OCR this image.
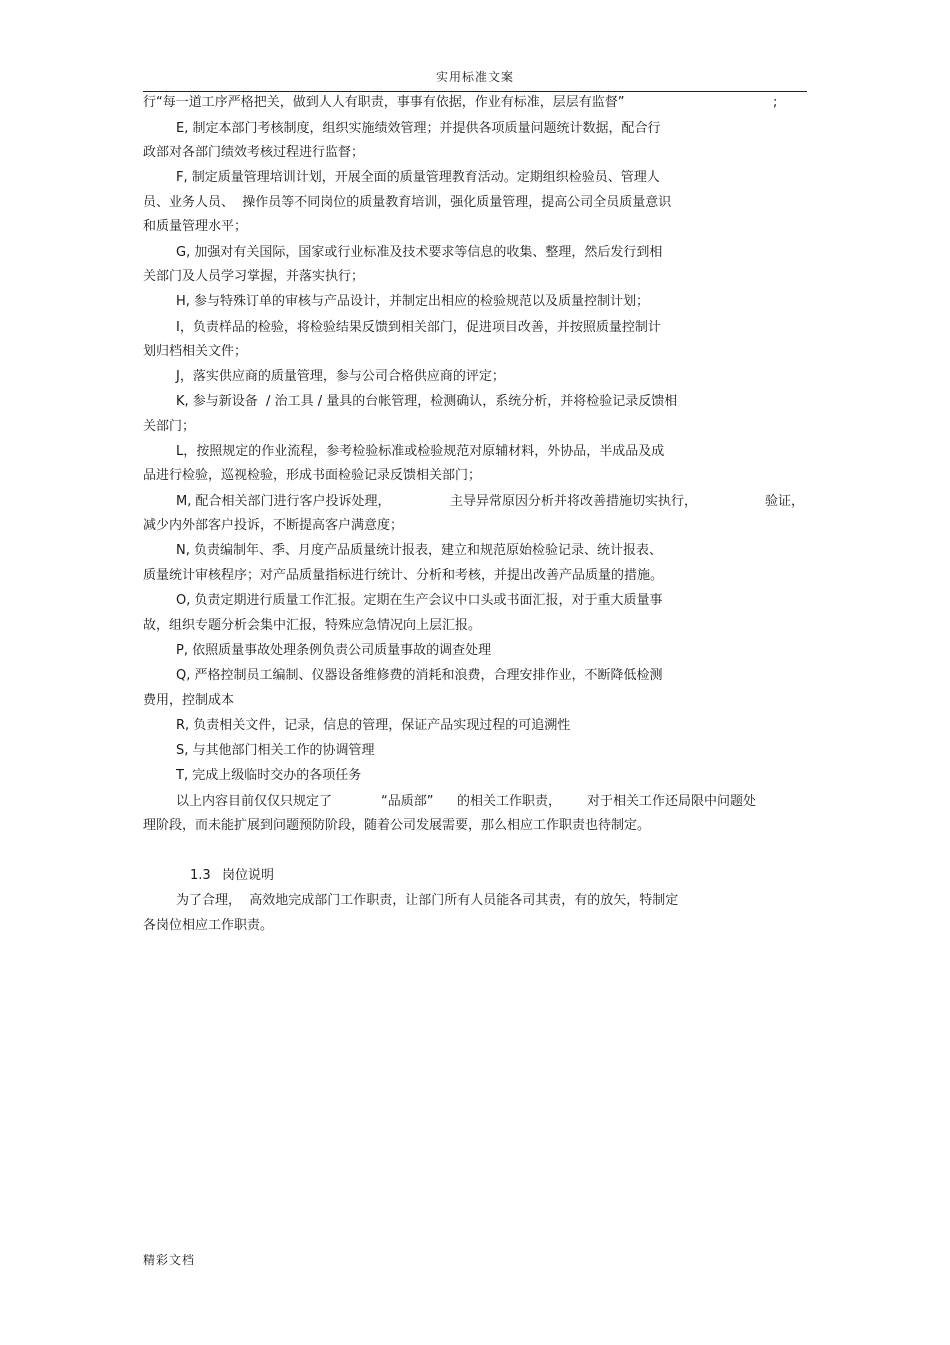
实用标准文案
行“每一道工序严格把关，做到人人有职责，事事有依据，作业有标准，层层有监督”	;
E, 制定本部门考核制度，组织实施绩效管理；并提供各项质量问题统计数据，配合行
政部对各部门绩效考核过程进行监督；
F, 制定质量管理培训计划，开展全面的质量管理教育活动。定期组织检验员、管理人
员、业务人员、  操作员等不同岗位的质量教育培训，强化质量管理，提高公司全员质量意识
和质量管理水平；
G, 加强对有关国际，国家或行业标准及技术要求等信息的收集、整理，然后发行到相
关部门及人员学习掌握，并落实执行；
H, 参与特殊订单的审核与产品设计，并制定出相应的检验规范以及质量控制计划；
I，负责样品的检验，将检验结果反馈到相关部门，促进项目改善，并按照质量控制计
划归档相关文件；
J，落实供应商的质量管理，参与公司合格供应商的评定；
K, 参与新设备  / 治工具 / 量具的台帐管理，检测确认，系统分析，并将检验记录反馈相
关部门；
L，按照规定的作业流程，参考检验标准或检验规范对原辅材料，外协品，半成品及成
品进行检验，巡视检验，形成书面检验记录反馈相关部门；
M, 配合相关部门进行客户投诉处理，	主导异常原因分析并将改善措施切实执行，	验证，
减少内外部客户投诉，不断提高客户满意度；
N, 负责编制年、季、月度产品质量统计报表，建立和规范原始检验记录、统计报表、
质量统计审核程序；对产品质量指标进行统计、分析和考核，并提出改善产品质量的措施。
O, 负责定期进行质量工作汇报。定期在生产会议中口头或书面汇报，对于重大质量事
故，组织专题分析会集中汇报，特殊应急情况向上层汇报。
P, 依照质量事故处理条例负责公司质量事故的调查处理
Q, 严格控制员工编制、仪器设备维修费的消耗和浪费，合理安排作业，不断降低检测
费用，控制成本
R, 负责相关文件，记录，信息的管理，保证产品实现过程的可追溯性
S, 与其他部门相关工作的协调管理
T, 完成上级临时交办的各项任务
以上内容目前仅仅只规定了	“品质部” 的相关工作职责， 对于相关工作还局限中问题处
理阶段，而未能扩展到问题预防阶段，随着公司发展需要，那么相应工作职责也待制定。
1.3 岗位说明
为了合理，  高效地完成部门工作职责，让部门所有人员能各司其责，有的放矢，特制定
各岗位相应工作职责。
精彩文档
